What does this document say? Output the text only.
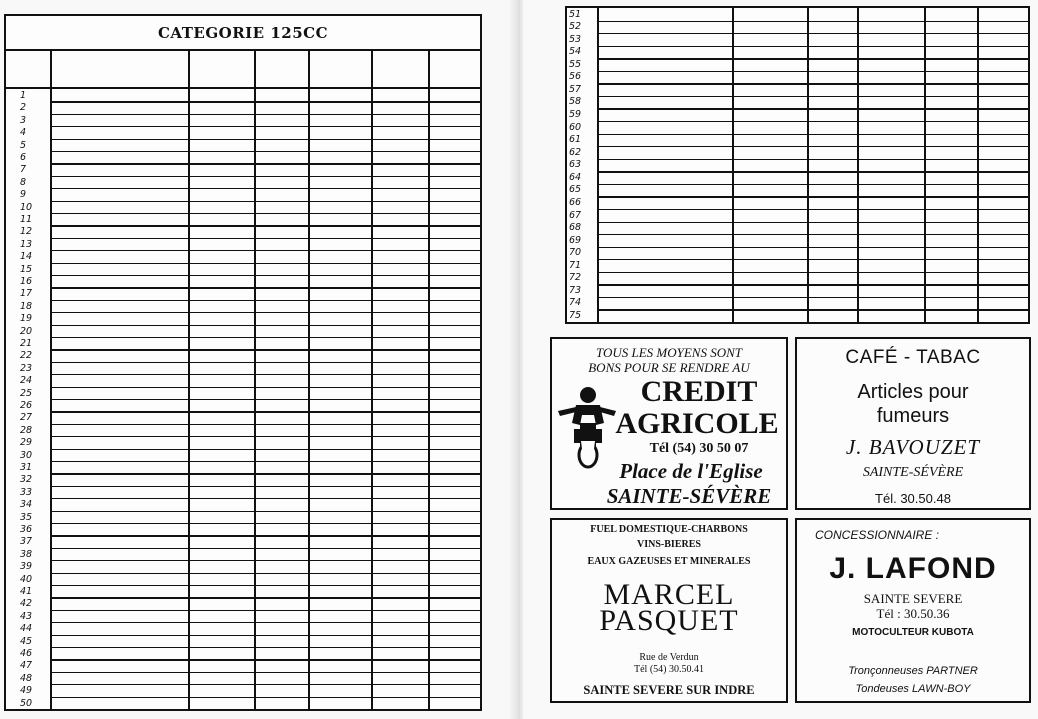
CATEGORIE 125CC
1
2
3
4
5
6
7
8
9
10
11
12
13
14
15
16
17
18
19
20
21
22
23
24
25
26
27
28
29
30
31
32
33
34
35
36
37
38
39
40
41
42
43
44
45
46
47
48
49
50
51
52
53
54
55
56
57
58
59
60
61
62
63
64
65
66
67
68
69
70
71
72
73
74
75
TOUS LES MOYENS SONT
BONS POUR SE RENDRE AU
CREDIT
AGRICOLE
Tél (54) 30 50 07
Place de l'Eglise
SAINTE-SÉVÈRE
CAFÉ - TABAC
Articles pour
fumeurs
J. BAVOUZET
SAINTE-SÉVÈRE
Tél. 30.50.48
FUEL DOMESTIQUE-CHARBONS
VINS-BIERES
EAUX GAZEUSES ET MINERALES
MARCEL
PASQUET
Rue de Verdun
Tél (54) 30.50.41
SAINTE SEVERE SUR INDRE
CONCESSIONNAIRE :
J. LAFOND
SAINTE SEVERE
Tél : 30.50.36
MOTOCULTEUR KUBOTA
Tronçonneuses PARTNER
Tondeuses LAWN-BOY
